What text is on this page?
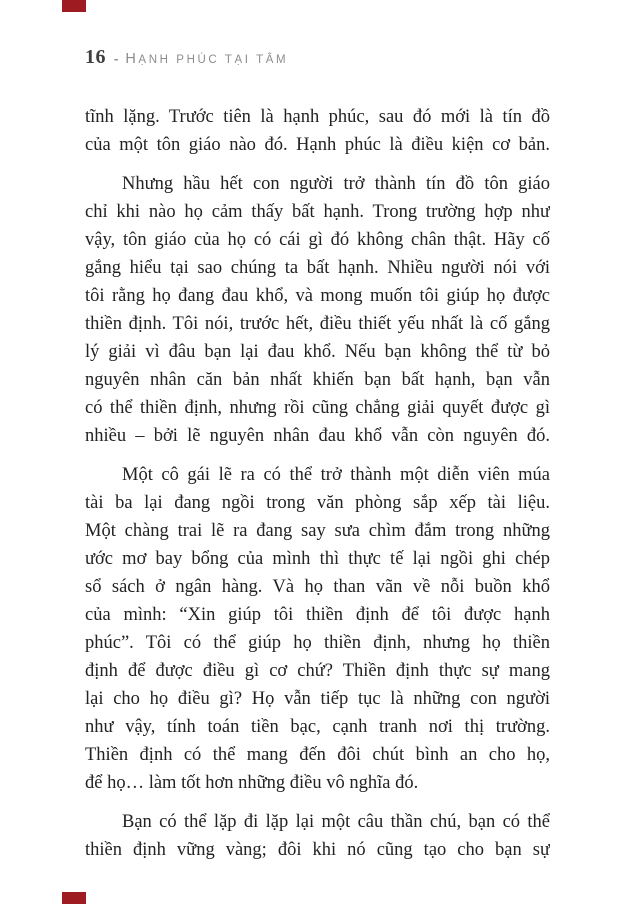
16 - HẠNH PHÚC TẠI TÂM

tĩnh lặng. Trước tiên là hạnh phúc, sau đó mới là tín đồ
của một tôn giáo nào đó. Hạnh phúc là điều kiện cơ bản.

Nhưng hầu hết con người trở thành tín đồ tôn giáo
chỉ khi nào họ cảm thấy bất hạnh. Trong trường hợp như
vậy, tôn giáo của họ có cái gì đó không chân thật. Hãy cố
gắng hiểu tại sao chúng ta bất hạnh. Nhiều người nói với
tôi rằng họ đang đau khổ, và mong muốn tôi giúp họ được
thiền định. Tôi nói, trước hết, điều thiết yếu nhất là cố gắng
lý giải vì đâu bạn lại đau khổ. Nếu bạn không thể từ bỏ
nguyên nhân căn bản nhất khiến bạn bất hạnh, bạn vẫn
có thể thiền định, nhưng rồi cũng chẳng giải quyết được gì
nhiều – bởi lẽ nguyên nhân đau khổ vẫn còn nguyên đó.

Một cô gái lẽ ra có thể trở thành một diễn viên múa
tài ba lại đang ngồi trong văn phòng sắp xếp tài liệu.
Một chàng trai lẽ ra đang say sưa chìm đắm trong những
ước mơ bay bổng của mình thì thực tế lại ngồi ghi chép
sổ sách ở ngân hàng. Và họ than vãn về nỗi buồn khổ
của mình: “Xin giúp tôi thiền định để tôi được hạnh
phúc”. Tôi có thể giúp họ thiền định, nhưng họ thiền
định để được điều gì cơ chứ? Thiền định thực sự mang
lại cho họ điều gì? Họ vẫn tiếp tục là những con người
như vậy, tính toán tiền bạc, cạnh tranh nơi thị trường.
Thiền định có thể mang đến đôi chút bình an cho họ,
để họ… làm tốt hơn những điều vô nghĩa đó.

Bạn có thể lặp đi lặp lại một câu thần chú, bạn có thể
thiền định vững vàng; đôi khi nó cũng tạo cho bạn sự
